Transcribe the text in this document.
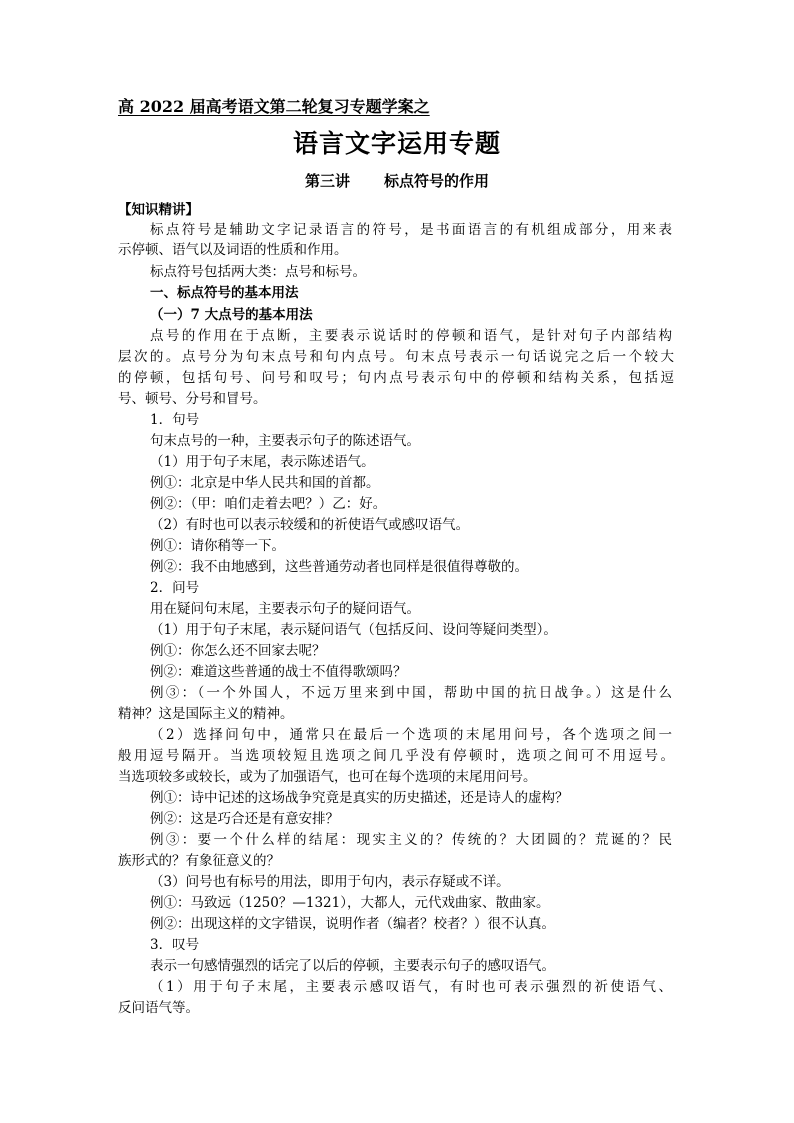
高 2022 届高考语文第二轮复习专题学案之
语言文字运用专题
第三讲 标点符号的作用
【知识精讲】
标点符号是辅助文字记录语言的符号，是书面语言的有机组成部分，用来表
示停顿、语气以及词语的性质和作用。
标点符号包括两大类：点号和标号。
一、标点符号的基本用法
（一）7 大点号的基本用法
点号的作用在于点断，主要表示说话时的停顿和语气，是针对句子内部结构
层次的。点号分为句末点号和句内点号。句末点号表示一句话说完之后一个较大
的停顿，包括句号、问号和叹号；句内点号表示句中的停顿和结构关系，包括逗
号、顿号、分号和冒号。
1．句号
句末点号的一种，主要表示句子的陈述语气。
（1）用于句子末尾，表示陈述语气。
例①：北京是中华人民共和国的首都。
例②：（甲：咱们走着去吧？）乙：好。
（2）有时也可以表示较缓和的祈使语气或感叹语气。
例①：请你稍等一下。
例②：我不由地感到，这些普通劳动者也同样是很值得尊敬的。
2．问号
用在疑问句末尾，主要表示句子的疑问语气。
（1）用于句子末尾，表示疑问语气（包括反问、设问等疑问类型）。
例①：你怎么还不回家去呢？
例②：难道这些普通的战士不值得歌颂吗？
例③：（一个外国人，不远万里来到中国，帮助中国的抗日战争。）这是什么
精神？这是国际主义的精神。
（2）选择问句中，通常只在最后一个选项的末尾用问号，各个选项之间一
般用逗号隔开。当选项较短且选项之间几乎没有停顿时，选项之间可不用逗号。
当选项较多或较长，或为了加强语气，也可在每个选项的末尾用问号。
例①：诗中记述的这场战争究竟是真实的历史描述，还是诗人的虚构？
例②：这是巧合还是有意安排？
例③：要一个什么样的结尾：现实主义的？传统的？大团圆的？荒诞的？民
族形式的？有象征意义的？
（3）问号也有标号的用法，即用于句内，表示存疑或不详。
例①：马致远（1250？—1321），大都人，元代戏曲家、散曲家。
例②：出现这样的文字错误，说明作者（编者？校者？）很不认真。
3．叹号
表示一句感情强烈的话完了以后的停顿，主要表示句子的感叹语气。
（1）用于句子末尾，主要表示感叹语气，有时也可表示强烈的祈使语气、
反问语气等。
